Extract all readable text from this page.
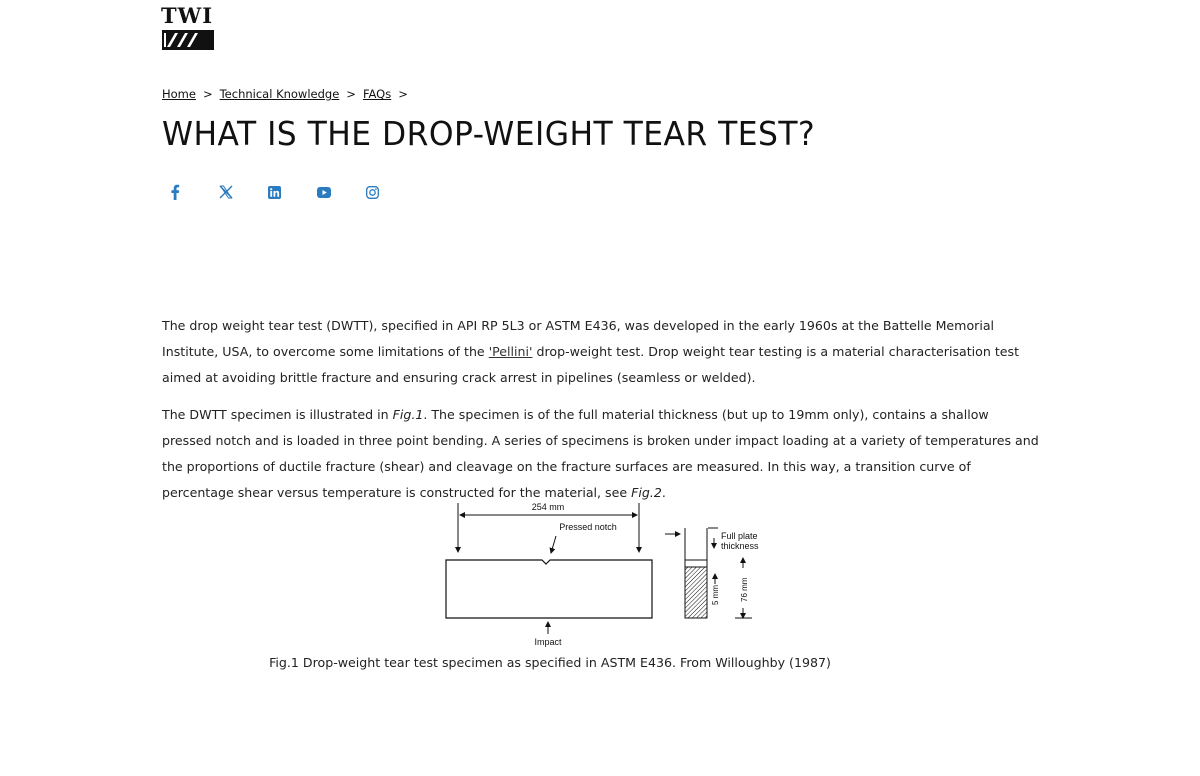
TWI
Home > Technical Knowledge > FAQs >
WHAT IS THE DROP-WEIGHT TEAR TEST?

The drop weight tear test (DWTT), specified in API RP 5L3 or ASTM E436, was developed in the early 1960s at the Battelle Memorial Institute, USA, to overcome some limitations of the 'Pellini' drop-weight test. Drop weight tear testing is a material characterisation test aimed at avoiding brittle fracture and ensuring crack arrest in pipelines (seamless or welded).

The DWTT specimen is illustrated in Fig.1. The specimen is of the full material thickness (but up to 19mm only), contains a shallow pressed notch and is loaded in three point bending. A series of specimens is broken under impact loading at a variety of temperatures and the proportions of ductile fracture (shear) and cleavage on the fracture surfaces are measured. In this way, a transition curve of percentage shear versus temperature is constructed for the material, see Fig.2.

254 mm
Pressed notch
Impact
Full plate
thickness
5 mm	76 mm
Fig.1 Drop-weight tear test specimen as specified in ASTM E436. From Willoughby (1987)
